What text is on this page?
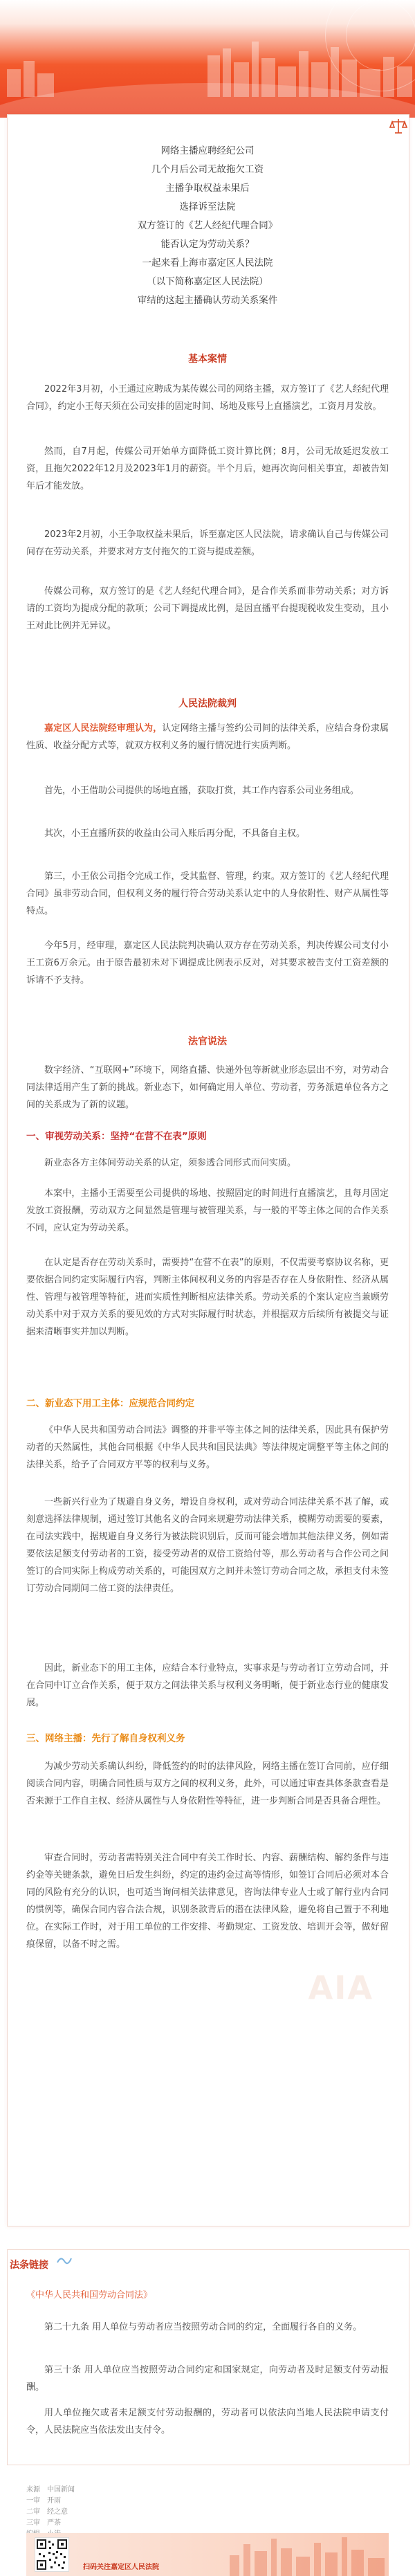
网络主播应聘经纪公司
几个月后公司无故拖欠工资
主播争取权益未果后
选择诉至法院
双方签订的《艺人经纪代理合同》
能否认定为劳动关系？
一起来看上海市嘉定区人民法院
（以下简称嘉定区人民法院）
审结的这起主播确认劳动关系案件
基本案情
2022年3月初，小王通过应聘成为某传媒公司的网络主播，双方签订了《艺人经纪代理合同》，约定小王每天须在公司安排的固定时间、场地及账号上直播演艺，工资月月发放。
然而，自7月起，传媒公司开始单方面降低工资计算比例；8月，公司无故延迟发放工资，且拖欠2022年12月及2023年1月的薪资。半个月后，她再次询问相关事宜，却被告知年后才能发放。
2023年2月初，小王争取权益未果后，诉至嘉定区人民法院，请求确认自己与传媒公司间存在劳动关系，并要求对方支付拖欠的工资与提成差额。
传媒公司称，双方签订的是《艺人经纪代理合同》，是合作关系而非劳动关系；对方诉请的工资均为提成分配的款项；公司下调提成比例，是因直播平台提现税收发生变动，且小王对此比例并无异议。
人民法院裁判
嘉定区人民法院经审理认为，认定网络主播与签约公司间的法律关系，应结合身份隶属性质、收益分配方式等，就双方权利义务的履行情况进行实质判断。
首先，小王借助公司提供的场地直播，获取打赏，其工作内容系公司业务组成。
其次，小王直播所获的收益由公司入账后再分配，不具备自主权。
第三，小王依公司指令完成工作，受其监督、管理，约束。双方签订的《艺人经纪代理合同》虽非劳动合同，但权利义务的履行符合劳动关系认定中的人身依附性、财产从属性等特点。
今年5月，经审理，嘉定区人民法院判决确认双方存在劳动关系，判决传媒公司支付小王工资6万余元。由于原告最初未对下调提成比例表示反对，对其要求被告支付工资差额的诉请不予支持。
法官说法
数字经济、“互联网+”环境下，网络直播、快递外包等新就业形态层出不穷，对劳动合同法律适用产生了新的挑战。新业态下，如何确定用人单位、劳动者，劳务派遣单位各方之间的关系成为了新的议题。
一、审视劳动关系：坚持“在营不在表”原则
新业态各方主体间劳动关系的认定，须参透合同形式而问实质。
本案中，主播小王需要至公司提供的场地、按照固定的时间进行直播演艺，且每月固定发放工资报酬，劳动双方之间显然是管理与被管理关系，与一般的平等主体之间的合作关系不同，应认定为劳动关系。
在认定是否存在劳动关系时，需要持“在营不在表”的原则，不仅需要考察协议名称，更要依据合同约定实际履行内容，判断主体间权利义务的内容是否存在人身依附性、经济从属性、管理与被管理等特征，进而实质性判断相应法律关系。劳动关系的个案认定应当兼顾劳动关系中对于双方关系的要见效的方式对实际履行时状态，并根据双方后续所有被提交与证据来清晰事实并加以判断。
二、新业态下用工主体：应规范合同约定
《中华人民共和国劳动合同法》调整的并非平等主体之间的法律关系，因此具有保护劳动者的天然属性，其他合同根据《中华人民共和国民法典》等法律规定调整平等主体之间的法律关系，给予了合同双方平等的权利与义务。
一些新兴行业为了规避自身义务，增设自身权利，或对劳动合同法律关系不甚了解，或刻意选择法律规制，通过签订其他名义的合同来规避劳动法律关系，模糊劳动需要的要素，在司法实践中，据规避自身义务行为被法院识别后，反而可能会增加其他法律义务，例如需要依法足额支付劳动者的工资，接受劳动者的双倍工资给付等，那么劳动者与合作公司之间签订的合同实际上构成劳动关系的，可能因双方之间并未签订劳动合同之故，承担支付未签订劳动合同期间二倍工资的法律责任。
因此，新业态下的用工主体，应结合本行业特点，实事求是与劳动者订立劳动合同，并在合同中订立合作关系，便于双方之间法律关系与权利义务明晰，便于新业态行业的健康发展。
三、网络主播：先行了解自身权利义务
为减少劳动关系确认纠纷，降低签约的时的法律风险，网络主播在签订合同前，应仔细阅读合同内容，明确合同性质与双方之间的权利义务，此外，可以通过审查具体条款查看是否来源于工作自主权、经济从属性与人身依附性等特征，进一步判断合同是否具备合理性。
审查合同时，劳动者需特别关注合同中有关工作时长、内容、薪酬结构、解约条件与违约金等关键条款，避免日后发生纠纷，约定的违约金过高等情形，如签订合同后必须对本合同的风险有充分的认识，也可适当询问相关法律意见，咨询法律专业人士或了解行业内合同的惯例等，确保合同内容合法合规，识别条款背后的潜在法律风险，避免将自己置于不利地位。在实际工作时，对于用工单位的工作安排、考勤规定、工资发放、培训开会等，做好留痕保留，以备不时之需。
AIA
法条链接
《中华人民共和国劳动合同法》
第二十九条 用人单位与劳动者应当按照劳动合同的约定，全面履行各自的义务。
第三十条 用人单位应当按照劳动合同约定和国家规定，向劳动者及时足额支付劳动报酬。
用人单位拖欠或者未足额支付劳动报酬的，劳动者可以依法向当地人民法院申请支付令，人民法院应当依法发出支付令。
来源 中国新闻
一审 开雨
二审 经之意
三审 严茶
扫码关注嘉定区人民法院
